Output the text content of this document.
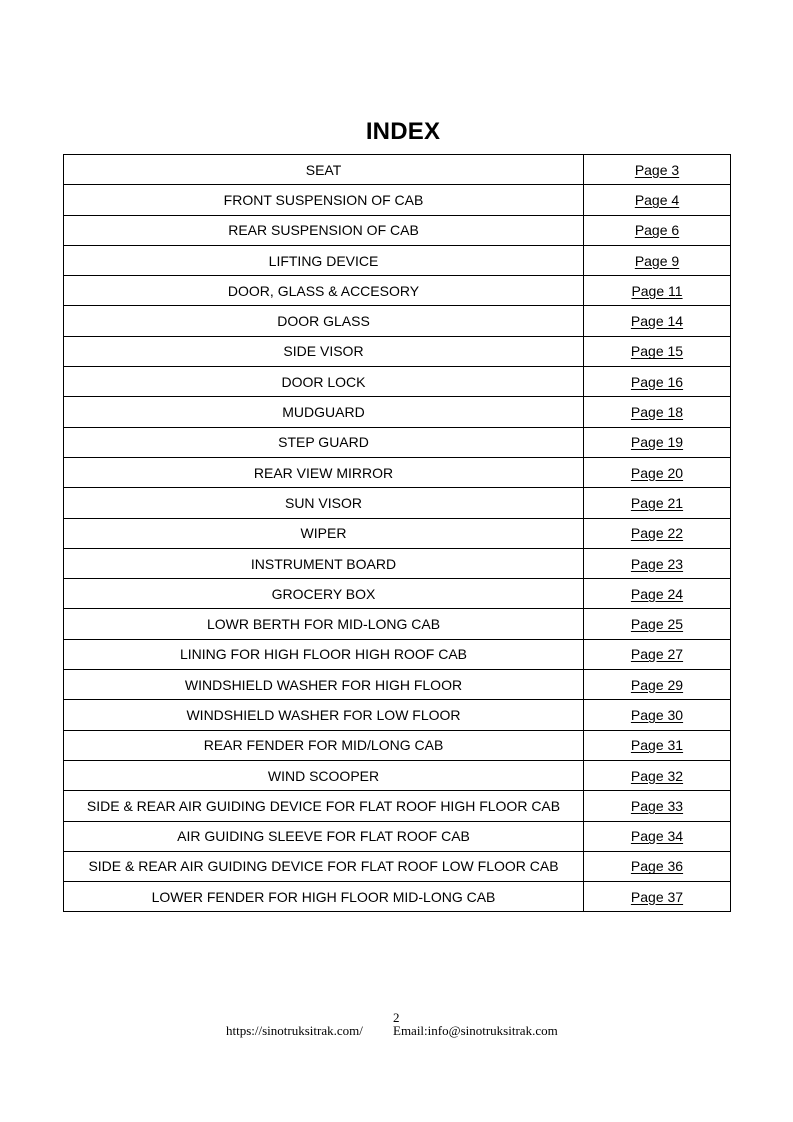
INDEX
SEAT	Page 3
FRONT SUSPENSION OF CAB	Page 4
REAR SUSPENSION OF CAB	Page 6
LIFTING DEVICE	Page 9
DOOR, GLASS & ACCESORY	Page 11
DOOR GLASS	Page 14
SIDE VISOR	Page 15
DOOR LOCK	Page 16
MUDGUARD	Page 18
STEP GUARD	Page 19
REAR VIEW MIRROR	Page 20
SUN VISOR	Page 21
WIPER	Page 22
INSTRUMENT BOARD	Page 23
GROCERY BOX	Page 24
LOWR BERTH FOR MID-LONG CAB	Page 25
LINING FOR HIGH FLOOR HIGH ROOF CAB	Page 27
WINDSHIELD WASHER FOR HIGH FLOOR	Page 29
WINDSHIELD WASHER FOR LOW FLOOR	Page 30
REAR FENDER FOR MID/LONG CAB	Page 31
WIND SCOOPER	Page 32
SIDE & REAR AIR GUIDING DEVICE FOR FLAT ROOF HIGH FLOOR CAB	Page 33
AIR GUIDING SLEEVE FOR FLAT ROOF CAB	Page 34
SIDE & REAR AIR GUIDING DEVICE FOR FLAT ROOF LOW FLOOR CAB	Page 36
LOWER FENDER FOR HIGH FLOOR MID-LONG CAB	Page 37
2
https://sinotruksitrak.com/ Email:info@sinotruksitrak.com
